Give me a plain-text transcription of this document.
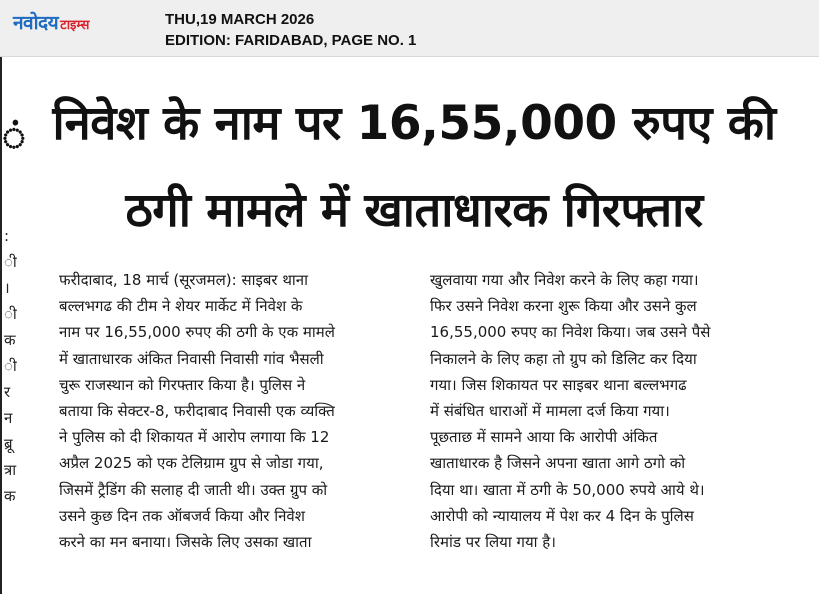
नवोदय टाइम्स	THU,19 MARCH 2026
EDITION: FARIDABAD, PAGE NO. 1
ं
:
ी
।
ी
क
ी
र
न
ब्रू
त्रा
क
निवेश के नाम पर 16,55,000 रुपए की
ठगी मामले में खाताधारक गिरफ्तार
फरीदाबाद, 18 मार्च (सूरजमल): साइबर थाना
बल्लभगढ की टीम ने शेयर मार्केट में निवेश के
नाम पर 16,55,000 रुपए की ठगी के एक मामले
में खाताधारक अंकित निवासी निवासी गांव भैसली
चुरू राजस्थान को गिरफ्तार किया है। पुलिस ने
बताया कि सेक्टर-8, फरीदाबाद निवासी एक व्यक्ति
ने पुलिस को दी शिकायत में आरोप लगाया कि 12
अप्रैल 2025 को एक टेलिग्राम ग्रुप से जोडा गया,
जिसमें ट्रैडिंग की सलाह दी जाती थी। उक्त ग्रुप को
उसने कुछ दिन तक ऑबजर्व किया और निवेश
करने का मन बनाया। जिसके लिए उसका खाता
खुलवाया गया और निवेश करने के लिए कहा गया।
फिर उसने निवेश करना शुरू किया और उसने कुल
16,55,000 रुपए का निवेश किया। जब उसने पैसे
निकालने के लिए कहा तो ग्रुप को डिलिट कर दिया
गया। जिस शिकायत पर साइबर थाना बल्लभगढ
में संबंधित धाराओं में मामला दर्ज किया गया।
पूछताछ में सामने आया कि आरोपी अंकित
खाताधारक है जिसने अपना खाता आगे ठगो को
दिया था। खाता में ठगी के 50,000 रुपये आये थे।
आरोपी को न्यायालय में पेश कर 4 दिन के पुलिस
रिमांड पर लिया गया है।
